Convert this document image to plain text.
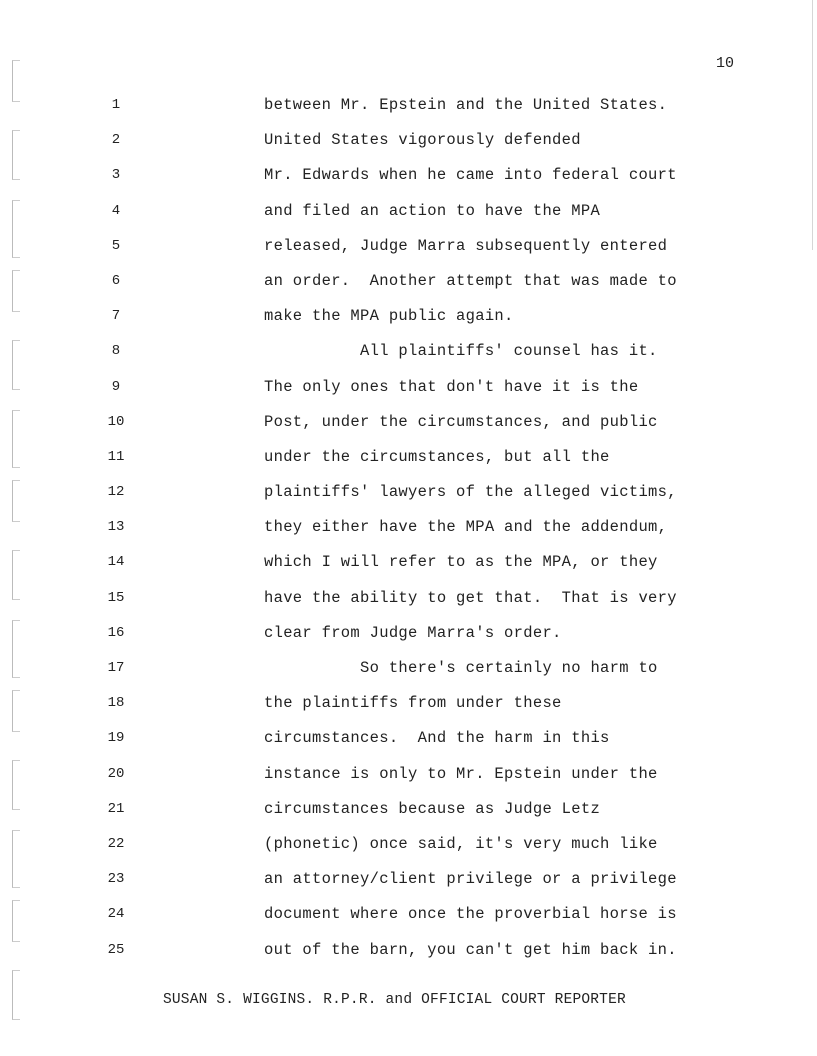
10
1	between Mr. Epstein and the United States.
2	United States vigorously defended
3	Mr. Edwards when he came into federal court
4	and filed an action to have the MPA
5	released, Judge Marra subsequently entered
6	an order.  Another attempt that was made to
7	make the MPA public again.
8	All plaintiffs' counsel has it.
9	The only ones that don't have it is the
10	Post, under the circumstances, and public
11	under the circumstances, but all the
12	plaintiffs' lawyers of the alleged victims,
13	they either have the MPA and the addendum,
14	which I will refer to as the MPA, or they
15	have the ability to get that.  That is very
16	clear from Judge Marra's order.
17	So there's certainly no harm to
18	the plaintiffs from under these
19	circumstances.  And the harm in this
20	instance is only to Mr. Epstein under the
21	circumstances because as Judge Letz
22	(phonetic) once said, it's very much like
23	an attorney/client privilege or a privilege
24	document where once the proverbial horse is
25	out of the barn, you can't get him back in.
SUSAN S. WIGGINS. R.P.R. and OFFICIAL COURT REPORTER
